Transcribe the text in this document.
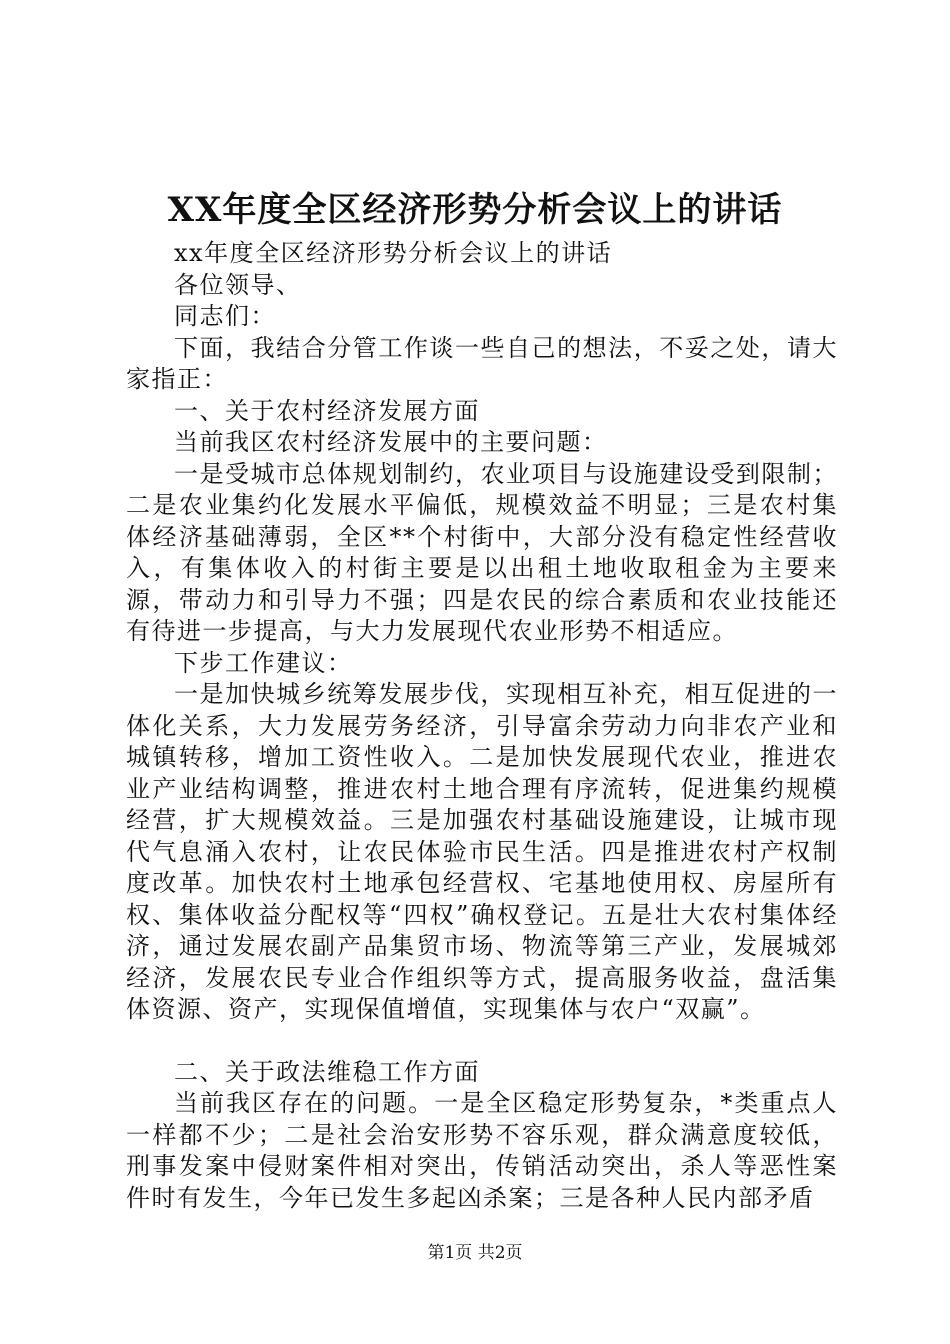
XX年度全区经济形势分析会议上的讲话

xx年度全区经济形势分析会议上的讲话

各位领导、

同志们：

下面，我结合分管工作谈一些自己的想法，不妥之处，请大家指正：

一、关于农村经济发展方面

当前我区农村经济发展中的主要问题：

一是受城市总体规划制约，农业项目与设施建设受到限制；二是农业集约化发展水平偏低，规模效益不明显；三是农村集体经济基础薄弱，全区**个村街中，大部分没有稳定性经营收入，有集体收入的村街主要是以出租土地收取租金为主要来源，带动力和引导力不强；四是农民的综合素质和农业技能还有待进一步提高，与大力发展现代农业形势不相适应。

下步工作建议：

一是加快城乡统筹发展步伐，实现相互补充，相互促进的一体化关系，大力发展劳务经济，引导富余劳动力向非农产业和城镇转移，增加工资性收入。二是加快发展现代农业，推进农业产业结构调整，推进农村土地合理有序流转，促进集约规模经营，扩大规模效益。三是加强农村基础设施建设，让城市现代气息涌入农村，让农民体验市民生活。四是推进农村产权制度改革。加快农村土地承包经营权、宅基地使用权、房屋所有权、集体收益分配权等“四权”确权登记。五是壮大农村集体经济，通过发展农副产品集贸市场、物流等第三产业，发展城郊经济，发展农民专业合作组织等方式，提高服务收益，盘活集体资源、资产，实现保值增值，实现集体与农户“双赢”。

二、关于政法维稳工作方面

当前我区存在的问题。一是全区稳定形势复杂，*类重点人一样都不少；二是社会治安形势不容乐观，群众满意度较低，刑事发案中侵财案件相对突出，传销活动突出，杀人等恶性案件时有发生，今年已发生多起凶杀案；三是各种人民内部矛盾

第1页 共2页
